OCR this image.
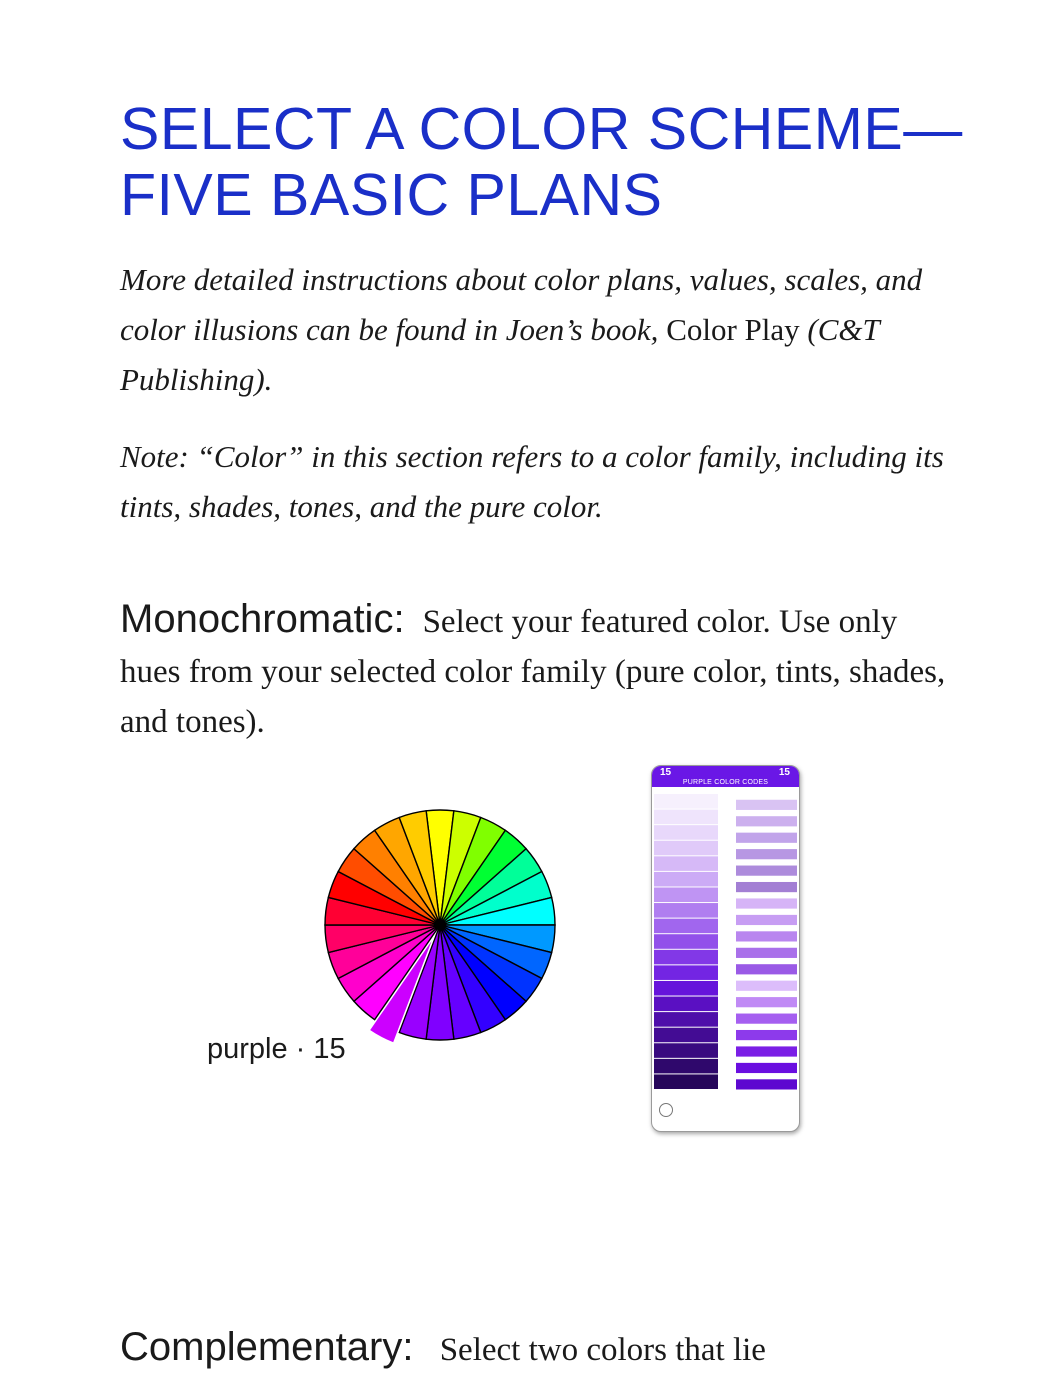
SELECT A COLOR SCHEME—
FIVE BASIC PLANS

More detailed instructions about color plans, values, scales, and color illusions can be found in Joen’s book, Color Play (C&T Publishing).

Note: “Color” in this section refers to a color family, including its tints, shades, tones, and the pure color.

Monochromatic: Select your featured color. Use only hues from your selected color family (pure color, tints, shades, and tones).

purple · 15
15	15
PURPLE COLOR CODES

Complementary: Select two colors that lie
